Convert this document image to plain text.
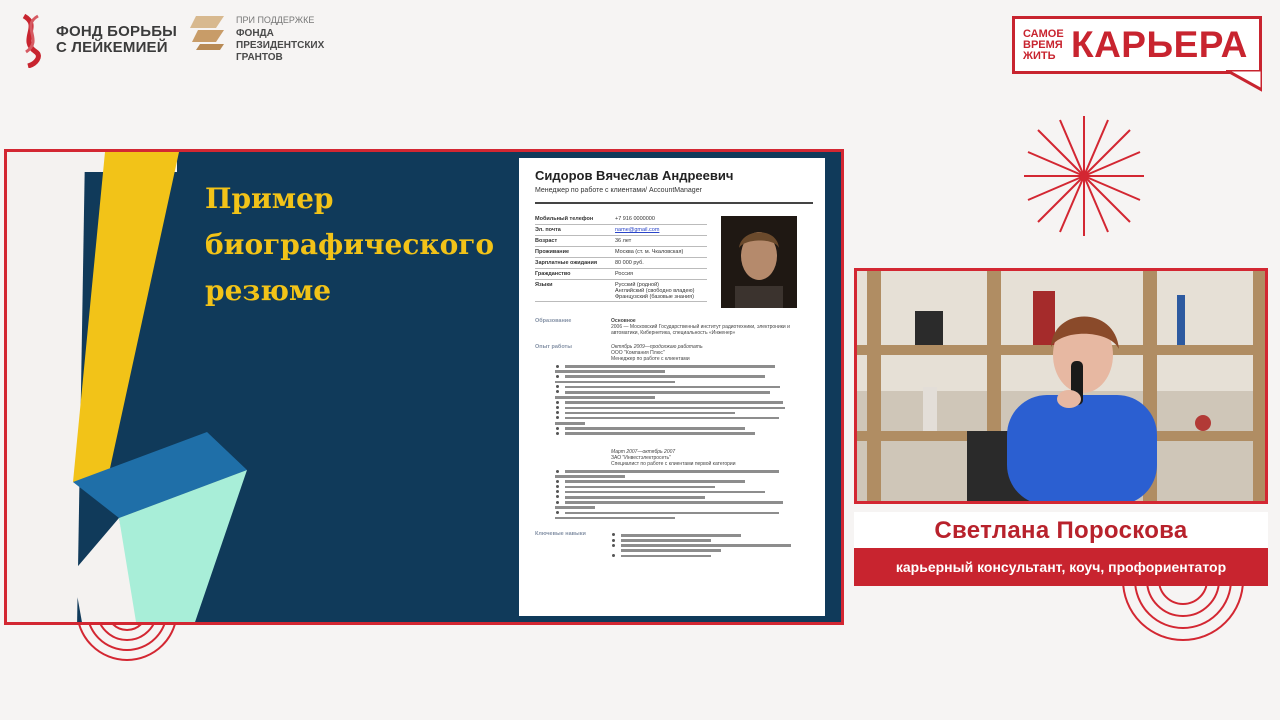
ФОНД БОРЬБЫ
С ЛЕЙКЕМИЕЙ
ПРИ ПОДДЕРЖКЕ
ФОНДА
ПРЕЗИДЕНТСКИХ
ГРАНТОВ
САМОЕ
ВРЕМЯ
ЖИТЬ КАРЬЕРА
Пример
биографического
резюме
Сидоров Вячеслав Андреевич
Менеджер по работе с клиентами/ AccountManager
Мобильный телефон	+7 916 0000000
Эл. почта	name@gmail.com
Возраст	36 лет
Проживание	Москва (ст. м. Чкаловская)
Зарплатные ожидания	80 000 руб.
Гражданство	Россия
Языки	Русский (родной)
Английский (свободно владею)
Французский (базовые знания)
Образование	Основное
2006 — Московский Государственный институт радиотехники, электроники и автоматики, Кибернетика, специальность «Инженер»
Опыт работы	Октябрь 2009—продолжаю работать
ООО "Компания Плюс"
Менеджер по работе с клиентами
Март 2007—октябрь 2007
ЗАО "Инвестэлектросеть"
Специалист по работе с клиентами первой категории
Ключевые навыки	Светлана Пороскова
карьерный консультант, коуч, профориентатор
